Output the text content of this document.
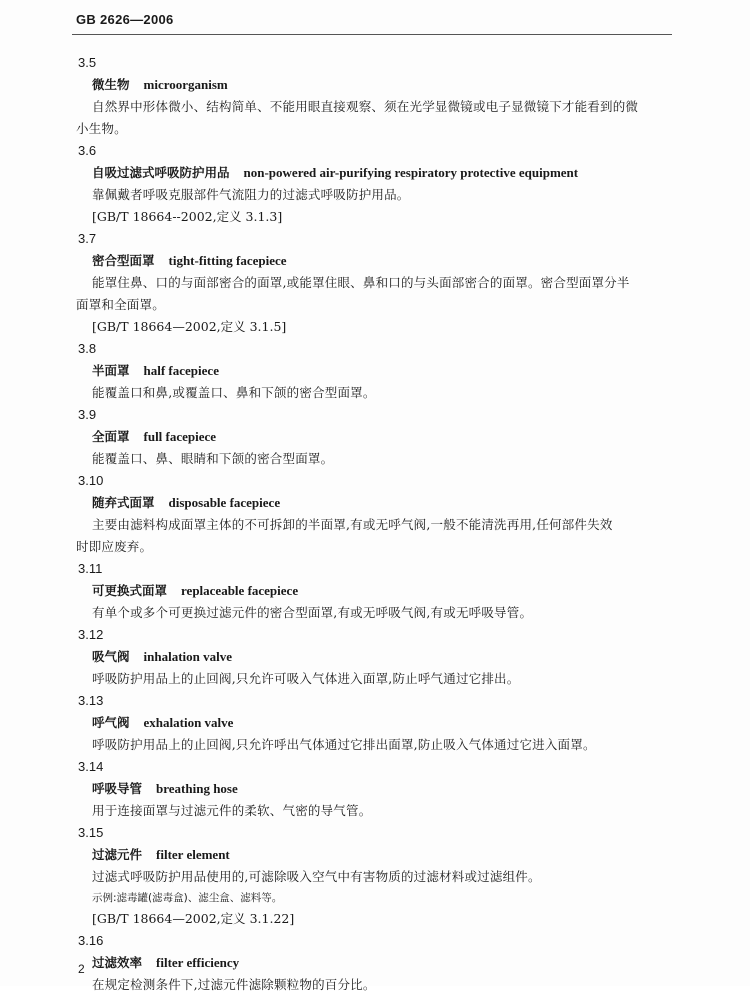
GB 2626—2006
3.5
微生物 microorganism
自然界中形体微小、结构简单、不能用眼直接观察、须在光学显微镜或电子显微镜下才能看到的微
小生物。
3.6
自吸过滤式呼吸防护用品 non-powered air-purifying respiratory protective equipment
靠佩戴者呼吸克服部件气流阻力的过滤式呼吸防护用品。
[GB/T 18664--2002,定义 3.1.3]
3.7
密合型面罩 tight-fitting facepiece
能罩住鼻、口的与面部密合的面罩,或能罩住眼、鼻和口的与头面部密合的面罩。密合型面罩分半
面罩和全面罩。
[GB/T 18664—2002,定义 3.1.5]
3.8
半面罩 half facepiece
能覆盖口和鼻,或覆盖口、鼻和下颌的密合型面罩。
3.9
全面罩 full facepiece
能覆盖口、鼻、眼睛和下颌的密合型面罩。
3.10
随弃式面罩 disposable facepiece
主要由滤料构成面罩主体的不可拆卸的半面罩,有或无呼气阀,一般不能清洗再用,任何部件失效
时即应废弃。
3.11
可更换式面罩 replaceable facepiece
有单个或多个可更换过滤元件的密合型面罩,有或无呼吸气阀,有或无呼吸导管。
3.12
吸气阀 inhalation valve
呼吸防护用品上的止回阀,只允许可吸入气体进入面罩,防止呼气通过它排出。
3.13
呼气阀 exhalation valve
呼吸防护用品上的止回阀,只允许呼出气体通过它排出面罩,防止吸入气体通过它进入面罩。
3.14
呼吸导管 breathing hose
用于连接面罩与过滤元件的柔软、气密的导气管。
3.15
过滤元件 filter element
过滤式呼吸防护用品使用的,可滤除吸入空气中有害物质的过滤材料或过滤组件。
示例:滤毒罐(滤毒盒)、滤尘盒、滤料等。
[GB/T 18664—2002,定义 3.1.22]
3.16
过滤效率 filter efficiency
在规定检测条件下,过滤元件滤除颗粒物的百分比。
2
